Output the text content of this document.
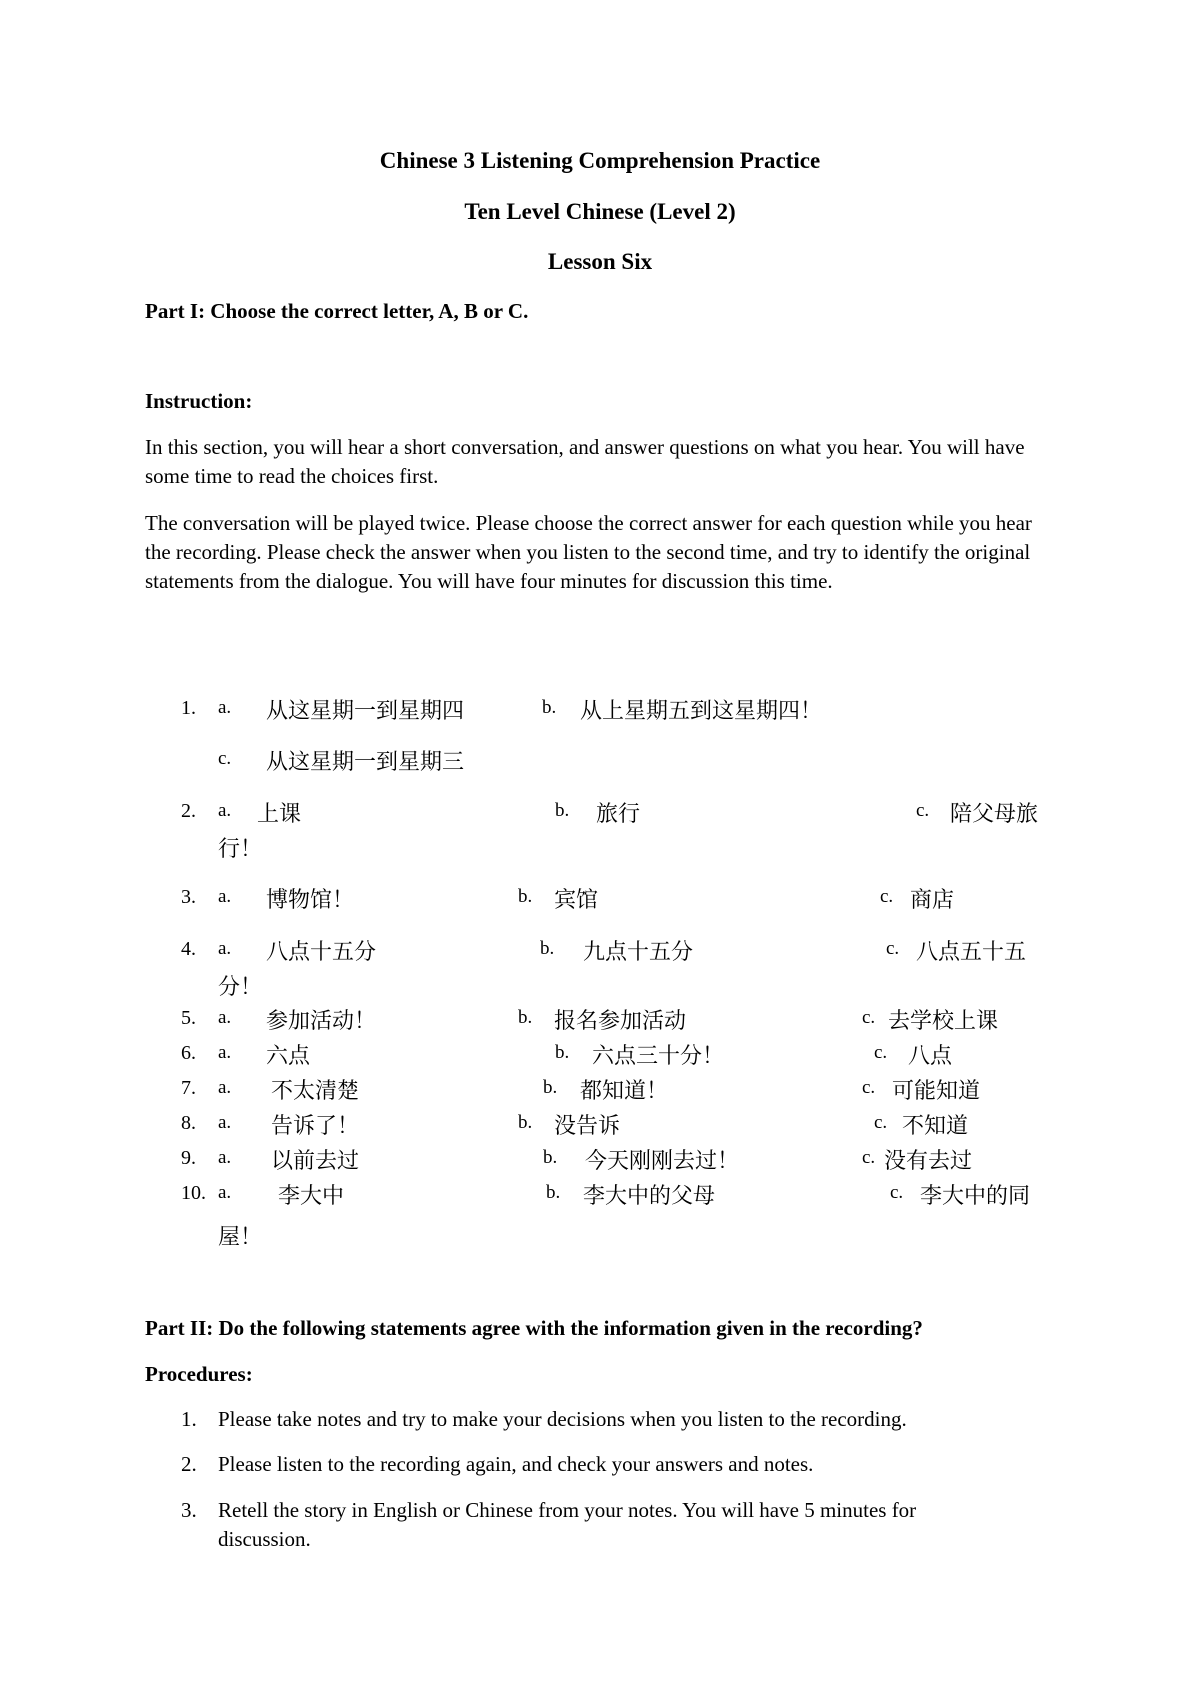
Chinese 3 Listening Comprehension Practice
Ten Level Chinese (Level 2)
Lesson Six
Part I: Choose the correct letter, A, B or C.
Instruction:
In this section, you will hear a short conversation, and answer questions on what you hear. You will have some time to read the choices first.
The conversation will be played twice. Please choose the correct answer for each question while you hear the recording. Please check the answer when you listen to the second time, and try to identify the original statements from the dialogue. You will have four minutes for discussion this time.
1. a. 从这星期一到星期四	b. 从上星期五到这星期四！
c. 从这星期一到星期三
2. a. 上课	b. 旅行	c. 陪父母旅
行！
3. a. 博物馆！	b. 宾馆	c. 商店
4. a. 八点十五分	b. 九点十五分	c. 八点五十五
分！
5. a. 参加活动！	b. 报名参加活动	c. 去学校上课
6. a. 六点	b. 六点三十分！	c. 八点
7. a. 不太清楚	b. 都知道！	c. 可能知道
8. a. 告诉了！	b. 没告诉	c. 不知道
9. a. 以前去过	b. 今天刚刚去过！	c. 没有去过
10. a. 李大中	b. 李大中的父母	c. 李大中的同
屋！
Part II: Do the following statements agree with the information given in the recording?
Procedures:
1. Please take notes and try to make your decisions when you listen to the recording.
2. Please listen to the recording again, and check your answers and notes.
3. Retell the story in English or Chinese from your notes. You will have 5 minutes for
discussion.
